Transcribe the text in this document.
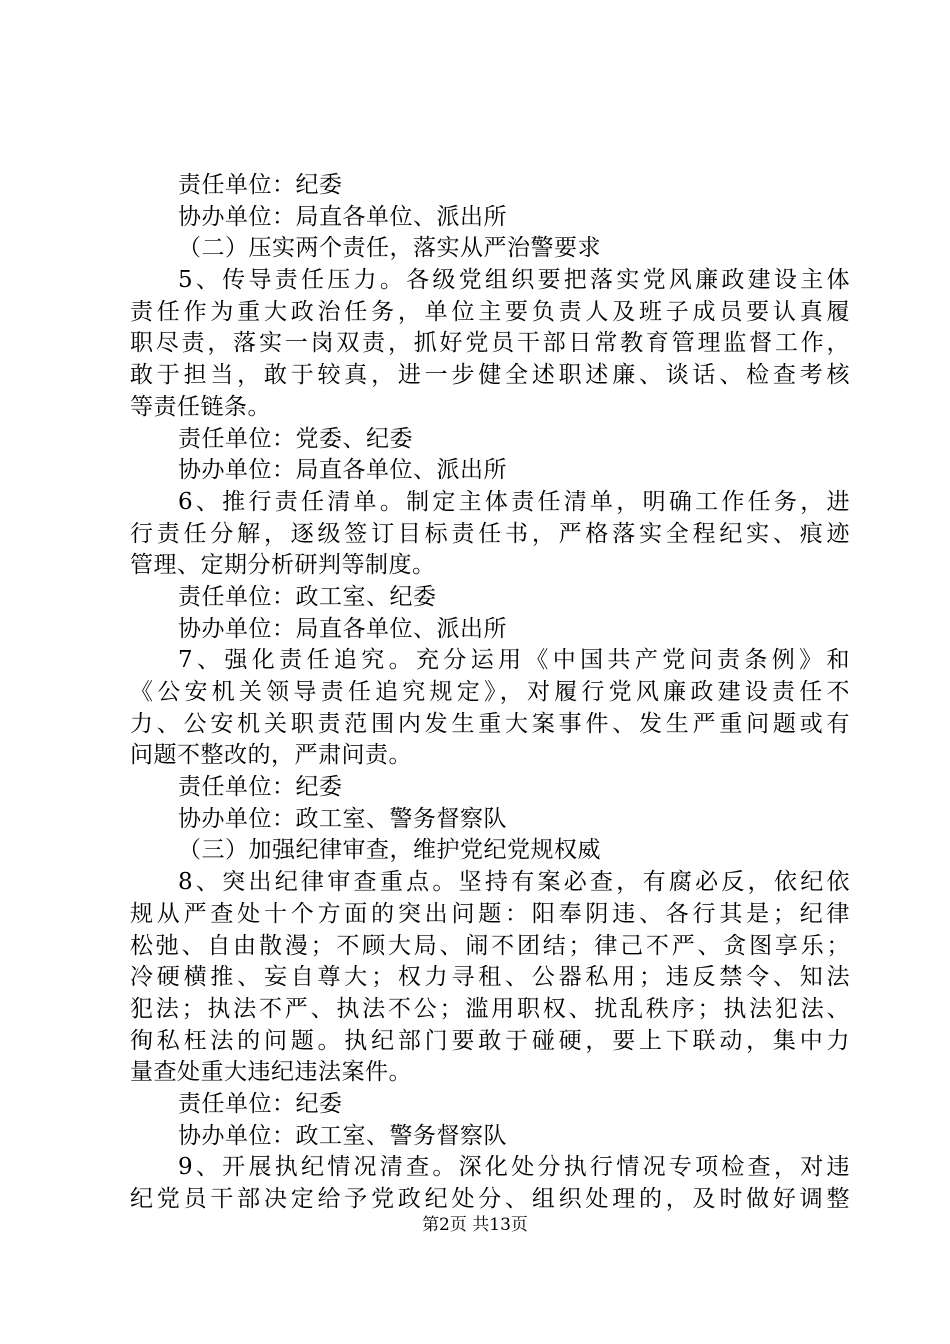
责任单位：纪委
协办单位：局直各单位、派出所
（二）压实两个责任，落实从严治警要求
5、传导责任压力。各级党组织要把落实党风廉政建设主体
责任作为重大政治任务，单位主要负责人及班子成员要认真履
职尽责，落实一岗双责，抓好党员干部日常教育管理监督工作，
敢于担当，敢于较真，进一步健全述职述廉、谈话、检查考核
等责任链条。
责任单位：党委、纪委
协办单位：局直各单位、派出所
6、推行责任清单。制定主体责任清单，明确工作任务，进
行责任分解，逐级签订目标责任书，严格落实全程纪实、痕迹
管理、定期分析研判等制度。
责任单位：政工室、纪委
协办单位：局直各单位、派出所
7、强化责任追究。充分运用《中国共产党问责条例》和
《公安机关领导责任追究规定》，对履行党风廉政建设责任不
力、公安机关职责范围内发生重大案事件、发生严重问题或有
问题不整改的，严肃问责。
责任单位：纪委
协办单位：政工室、警务督察队
（三）加强纪律审查，维护党纪党规权威
8、突出纪律审查重点。坚持有案必查，有腐必反，依纪依
规从严查处十个方面的突出问题：阳奉阴违、各行其是；纪律
松弛、自由散漫；不顾大局、闹不团结；律己不严、贪图享乐；
冷硬横推、妄自尊大；权力寻租、公器私用；违反禁令、知法
犯法；执法不严、执法不公；滥用职权、扰乱秩序；执法犯法、
徇私枉法的问题。执纪部门要敢于碰硬，要上下联动，集中力
量查处重大违纪违法案件。
责任单位：纪委
协办单位：政工室、警务督察队
9、开展执纪情况清查。深化处分执行情况专项检查，对违
纪党员干部决定给予党政纪处分、组织处理的，及时做好调整
第2页 共13页
